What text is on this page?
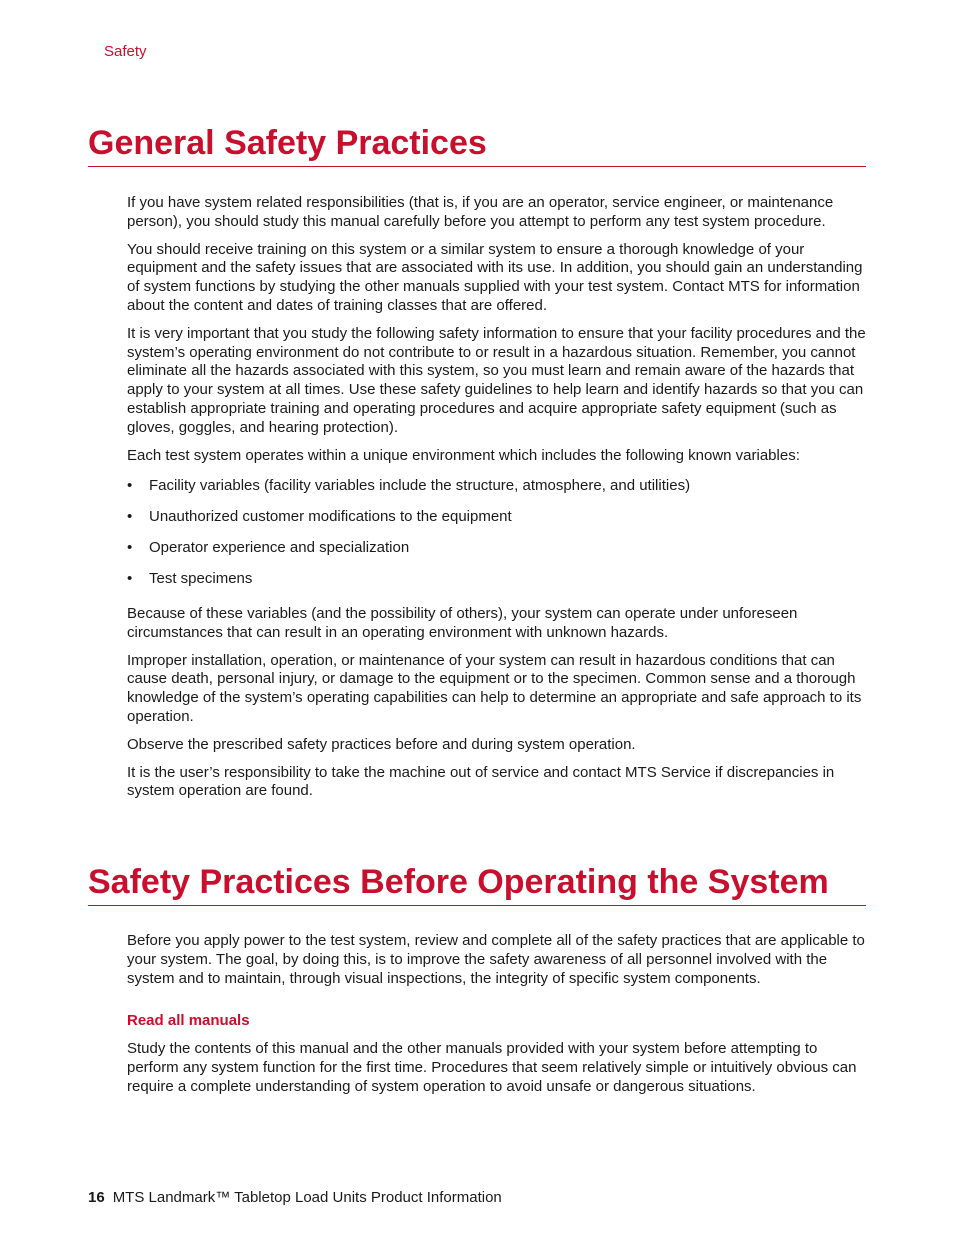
Safety
General Safety Practices

If you have system related responsibilities (that is, if you are an operator, service engineer, or maintenance person), you should study this manual carefully before you attempt to perform any test system procedure.

You should receive training on this system or a similar system to ensure a thorough knowledge of your equipment and the safety issues that are associated with its use. In addition, you should gain an understanding of system functions by studying the other manuals supplied with your test system. Contact MTS for information about the content and dates of training classes that are offered.

It is very important that you study the following safety information to ensure that your facility procedures and the system’s operating environment do not contribute to or result in a hazardous situation. Remember, you cannot eliminate all the hazards associated with this system, so you must learn and remain aware of the hazards that apply to your system at all times. Use these safety guidelines to help learn and identify hazards so that you can establish appropriate training and operating procedures and acquire appropriate safety equipment (such as gloves, goggles, and hearing protection).

Each test system operates within a unique environment which includes the following known variables:

• Facility variables (facility variables include the structure, atmosphere, and utilities)
• Unauthorized customer modifications to the equipment
• Operator experience and specialization
• Test specimens

Because of these variables (and the possibility of others), your system can operate under unforeseen circumstances that can result in an operating environment with unknown hazards.

Improper installation, operation, or maintenance of your system can result in hazardous conditions that can cause death, personal injury, or damage to the equipment or to the specimen. Common sense and a thorough knowledge of the system’s operating capabilities can help to determine an appropriate and safe approach to its operation.

Observe the prescribed safety practices before and during system operation.

It is the user’s responsibility to take the machine out of service and contact MTS Service if discrepancies in system operation are found.

Safety Practices Before Operating the System

Before you apply power to the test system, review and complete all of the safety practices that are applicable to your system. The goal, by doing this, is to improve the safety awareness of all personnel involved with the system and to maintain, through visual inspections, the integrity of specific system components.

Read all manuals

Study the contents of this manual and the other manuals provided with your system before attempting to perform any system function for the first time. Procedures that seem relatively simple or intuitively obvious can require a complete understanding of system operation to avoid unsafe or dangerous situations.

16 MTS Landmark™ Tabletop Load Units Product Information
